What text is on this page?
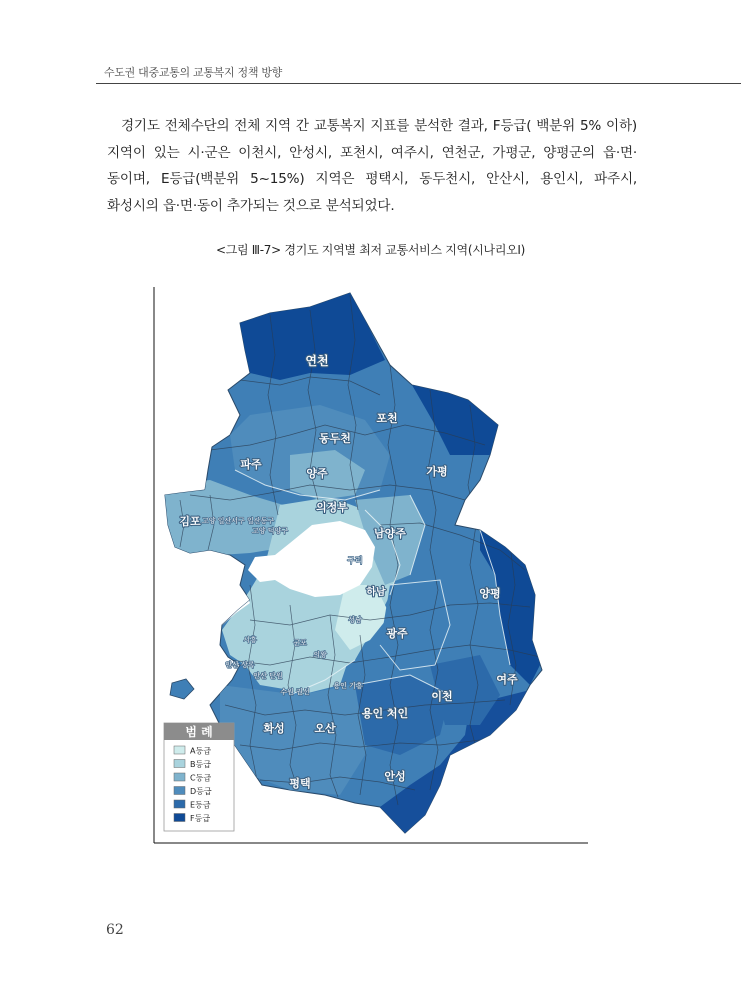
수도권 대중교통의 교통복지 정책 방향

경기도 전체수단의 전체 지역 간 교통복지 지표를 분석한 결과, F등급( 백분위 5% 이하) 지역이 있는 시·군은 이천시, 안성시, 포천시, 여주시, 연천군, 가평군, 양평군의 읍·면·동이며, E등급(백분위 5~15%) 지역은 평택시, 동두천시, 안산시, 용인시, 파주시, 화성시의 읍·면·동이 추가되는 것으로 분석되었다.

<그림 Ⅲ-7> 경기도 지역별 최저 교통서비스 지역(시나리오Ⅰ)
연천
포천
동두천
파주
양주	가평
의정부
김포 고양 일산서구 일산동구
고양 덕양구	남양주
구리
하남	양평
광주
성남
시흥	군포
의왕
안산 상록
안산 단원
용인 기흥
수원 권선
여주
이천
용인 처인
화성	오산
안성
평택
범 례
A등급
B등급
C등급
D등급
E등급
F등급
62
